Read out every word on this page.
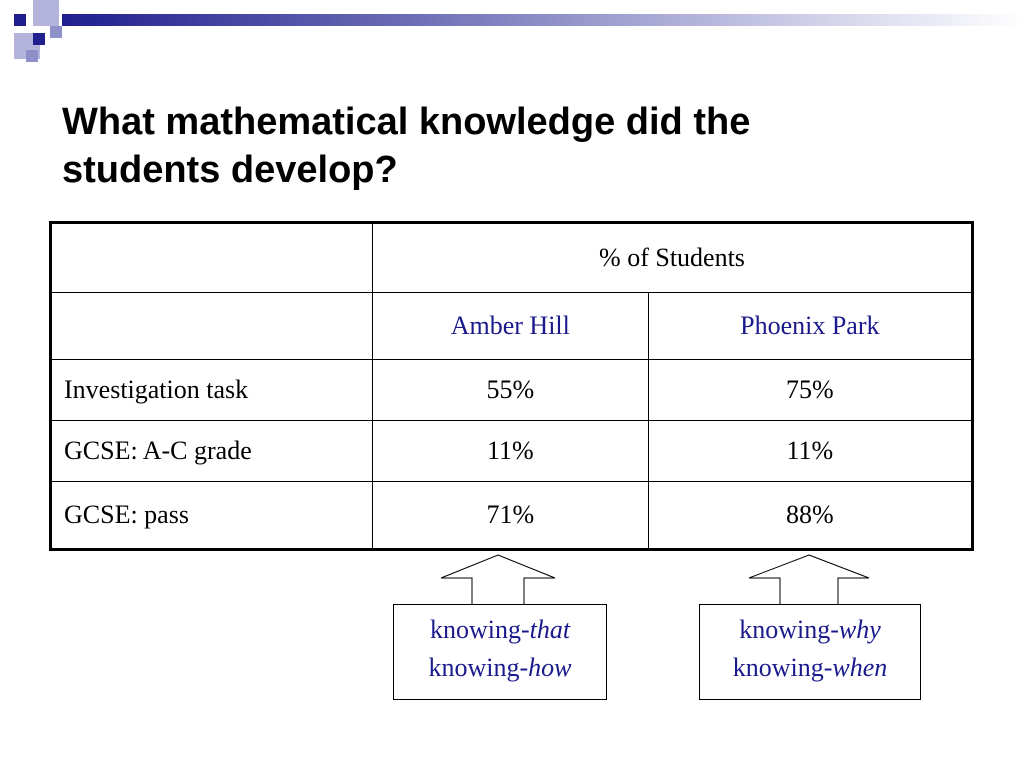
What mathematical knowledge did the
students develop?
	% of Students	
	Amber Hill	Phoenix Park
Investigation task	55%	75%
GCSE: A-C grade	11%	11%
GCSE: pass	71%	88%
knowing-that
knowing-how
knowing-why
knowing-when
